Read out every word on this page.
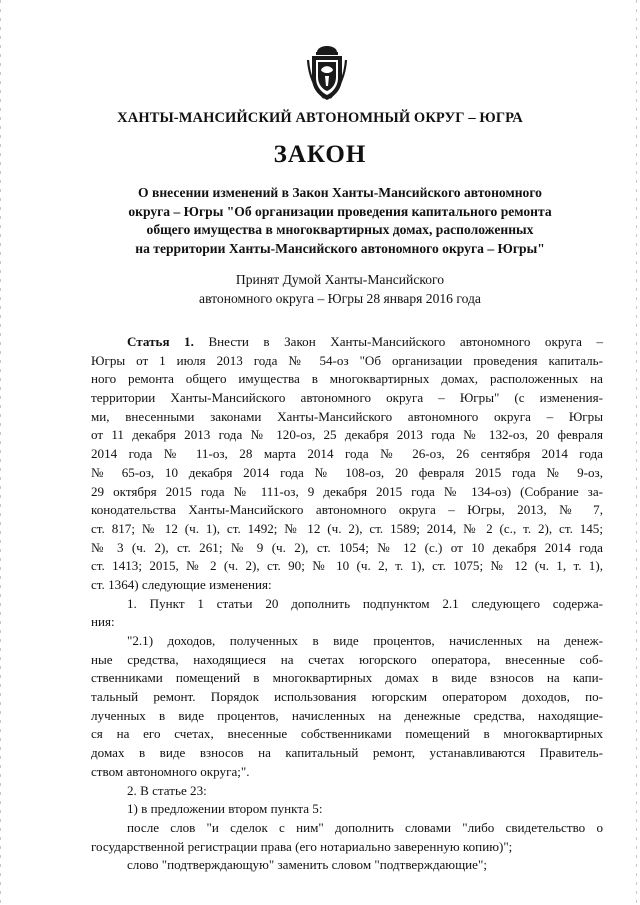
ХАНТЫ-МАНСИЙСКИЙ АВТОНОМНЫЙ ОКРУГ – ЮГРА
ЗАКОН
О внесении изменений в Закон Ханты-Мансийского автономного
округа – Югры "Об организации проведения капитального ремонта
общего имущества в многоквартирных домах, расположенных
на территории Ханты-Мансийского автономного округа – Югры"
Принят Думой Ханты-Мансийского
автономного округа – Югры 28 января 2016 года
Статья 1. Внести в Закон Ханты-Мансийского автономного округа –
Югры от 1 июля 2013 года № 54-оз "Об организации проведения капиталь-
ного ремонта общего имущества в многоквартирных домах, расположенных на
территории Ханты-Мансийского автономного округа – Югры" (с изменения-
ми, внесенными законами Ханты-Мансийского автономного округа – Югры
от 11 декабря 2013 года № 120-оз, 25 декабря 2013 года № 132-оз, 20 февраля
2014 года № 11-оз, 28 марта 2014 года № 26-оз, 26 сентября 2014 года
№ 65-оз, 10 декабря 2014 года № 108-оз, 20 февраля 2015 года № 9-оз,
29 октября 2015 года № 111-оз, 9 декабря 2015 года № 134-оз) (Собрание за-
конодательства Ханты-Мансийского автономного округа – Югры, 2013, № 7,
ст. 817; № 12 (ч. 1), ст. 1492; № 12 (ч. 2), ст. 1589; 2014, № 2 (с., т. 2), ст. 145;
№ 3 (ч. 2), ст. 261; № 9 (ч. 2), ст. 1054; № 12 (с.) от 10 декабря 2014 года
ст. 1413; 2015, № 2 (ч. 2), ст. 90; № 10 (ч. 2, т. 1), ст. 1075; № 12 (ч. 1, т. 1),
ст. 1364) следующие изменения:
1. Пункт 1 статьи 20 дополнить подпунктом 2.1 следующего содержа-
ния:
"2.1) доходов, полученных в виде процентов, начисленных на денеж-
ные средства, находящиеся на счетах югорского оператора, внесенные соб-
ственниками помещений в многоквартирных домах в виде взносов на капи-
тальный ремонт. Порядок использования югорским оператором доходов, по-
лученных в виде процентов, начисленных на денежные средства, находящие-
ся на его счетах, внесенные собственниками помещений в многоквартирных
домах в виде взносов на капитальный ремонт, устанавливаются Правитель-
ством автономного округа;".
2. В статье 23:
1) в предложении втором пункта 5:
после слов "и сделок с ним" дополнить словами "либо свидетельство о
государственной регистрации права (его нотариально заверенную копию)";
слово "подтверждающую" заменить словом "подтверждающие";
